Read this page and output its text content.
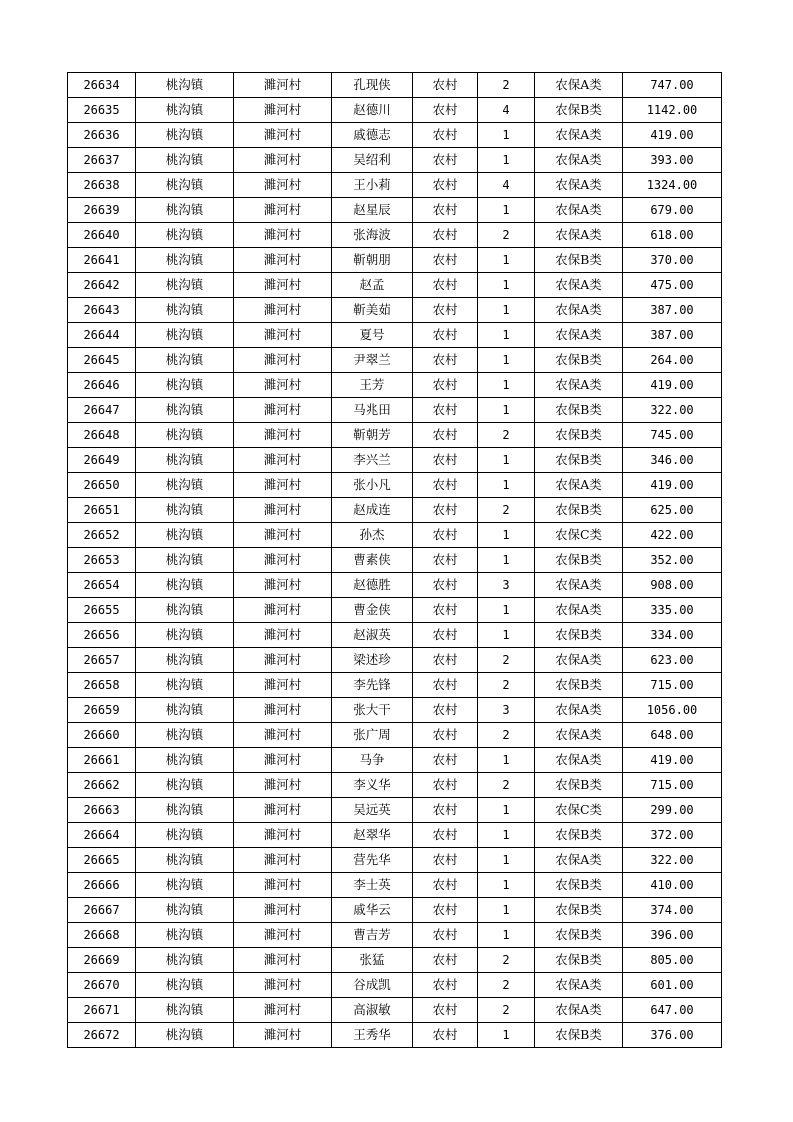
26634	桃沟镇	濉河村	孔现侠	农村	2	农保A类	747.00
26635	桃沟镇	濉河村	赵德川	农村	4	农保B类	1142.00
26636	桃沟镇	濉河村	戚德志	农村	1	农保A类	419.00
26637	桃沟镇	濉河村	吴绍利	农村	1	农保A类	393.00
26638	桃沟镇	濉河村	王小莉	农村	4	农保A类	1324.00
26639	桃沟镇	濉河村	赵星辰	农村	1	农保A类	679.00
26640	桃沟镇	濉河村	张海波	农村	2	农保A类	618.00
26641	桃沟镇	濉河村	靳朝朋	农村	1	农保B类	370.00
26642	桃沟镇	濉河村	赵孟	农村	1	农保A类	475.00
26643	桃沟镇	濉河村	靳美茹	农村	1	农保A类	387.00
26644	桃沟镇	濉河村	夏号	农村	1	农保A类	387.00
26645	桃沟镇	濉河村	尹翠兰	农村	1	农保B类	264.00
26646	桃沟镇	濉河村	王芳	农村	1	农保A类	419.00
26647	桃沟镇	濉河村	马兆田	农村	1	农保B类	322.00
26648	桃沟镇	濉河村	靳朝芳	农村	2	农保B类	745.00
26649	桃沟镇	濉河村	李兴兰	农村	1	农保B类	346.00
26650	桃沟镇	濉河村	张小凡	农村	1	农保A类	419.00
26651	桃沟镇	濉河村	赵成连	农村	2	农保B类	625.00
26652	桃沟镇	濉河村	孙杰	农村	1	农保C类	422.00
26653	桃沟镇	濉河村	曹素侠	农村	1	农保B类	352.00
26654	桃沟镇	濉河村	赵德胜	农村	3	农保A类	908.00
26655	桃沟镇	濉河村	曹金侠	农村	1	农保A类	335.00
26656	桃沟镇	濉河村	赵淑英	农村	1	农保B类	334.00
26657	桃沟镇	濉河村	梁述珍	农村	2	农保A类	623.00
26658	桃沟镇	濉河村	李先锋	农村	2	农保B类	715.00
26659	桃沟镇	濉河村	张大干	农村	3	农保A类	1056.00
26660	桃沟镇	濉河村	张广周	农村	2	农保A类	648.00
26661	桃沟镇	濉河村	马争	农村	1	农保A类	419.00
26662	桃沟镇	濉河村	李义华	农村	2	农保B类	715.00
26663	桃沟镇	濉河村	吴远英	农村	1	农保C类	299.00
26664	桃沟镇	濉河村	赵翠华	农村	1	农保B类	372.00
26665	桃沟镇	濉河村	营先华	农村	1	农保A类	322.00
26666	桃沟镇	濉河村	李士英	农村	1	农保B类	410.00
26667	桃沟镇	濉河村	戚华云	农村	1	农保B类	374.00
26668	桃沟镇	濉河村	曹吉芳	农村	1	农保B类	396.00
26669	桃沟镇	濉河村	张猛	农村	2	农保B类	805.00
26670	桃沟镇	濉河村	谷成凯	农村	2	农保A类	601.00
26671	桃沟镇	濉河村	高淑敏	农村	2	农保A类	647.00
26672	桃沟镇	濉河村	王秀华	农村	1	农保B类	376.00
